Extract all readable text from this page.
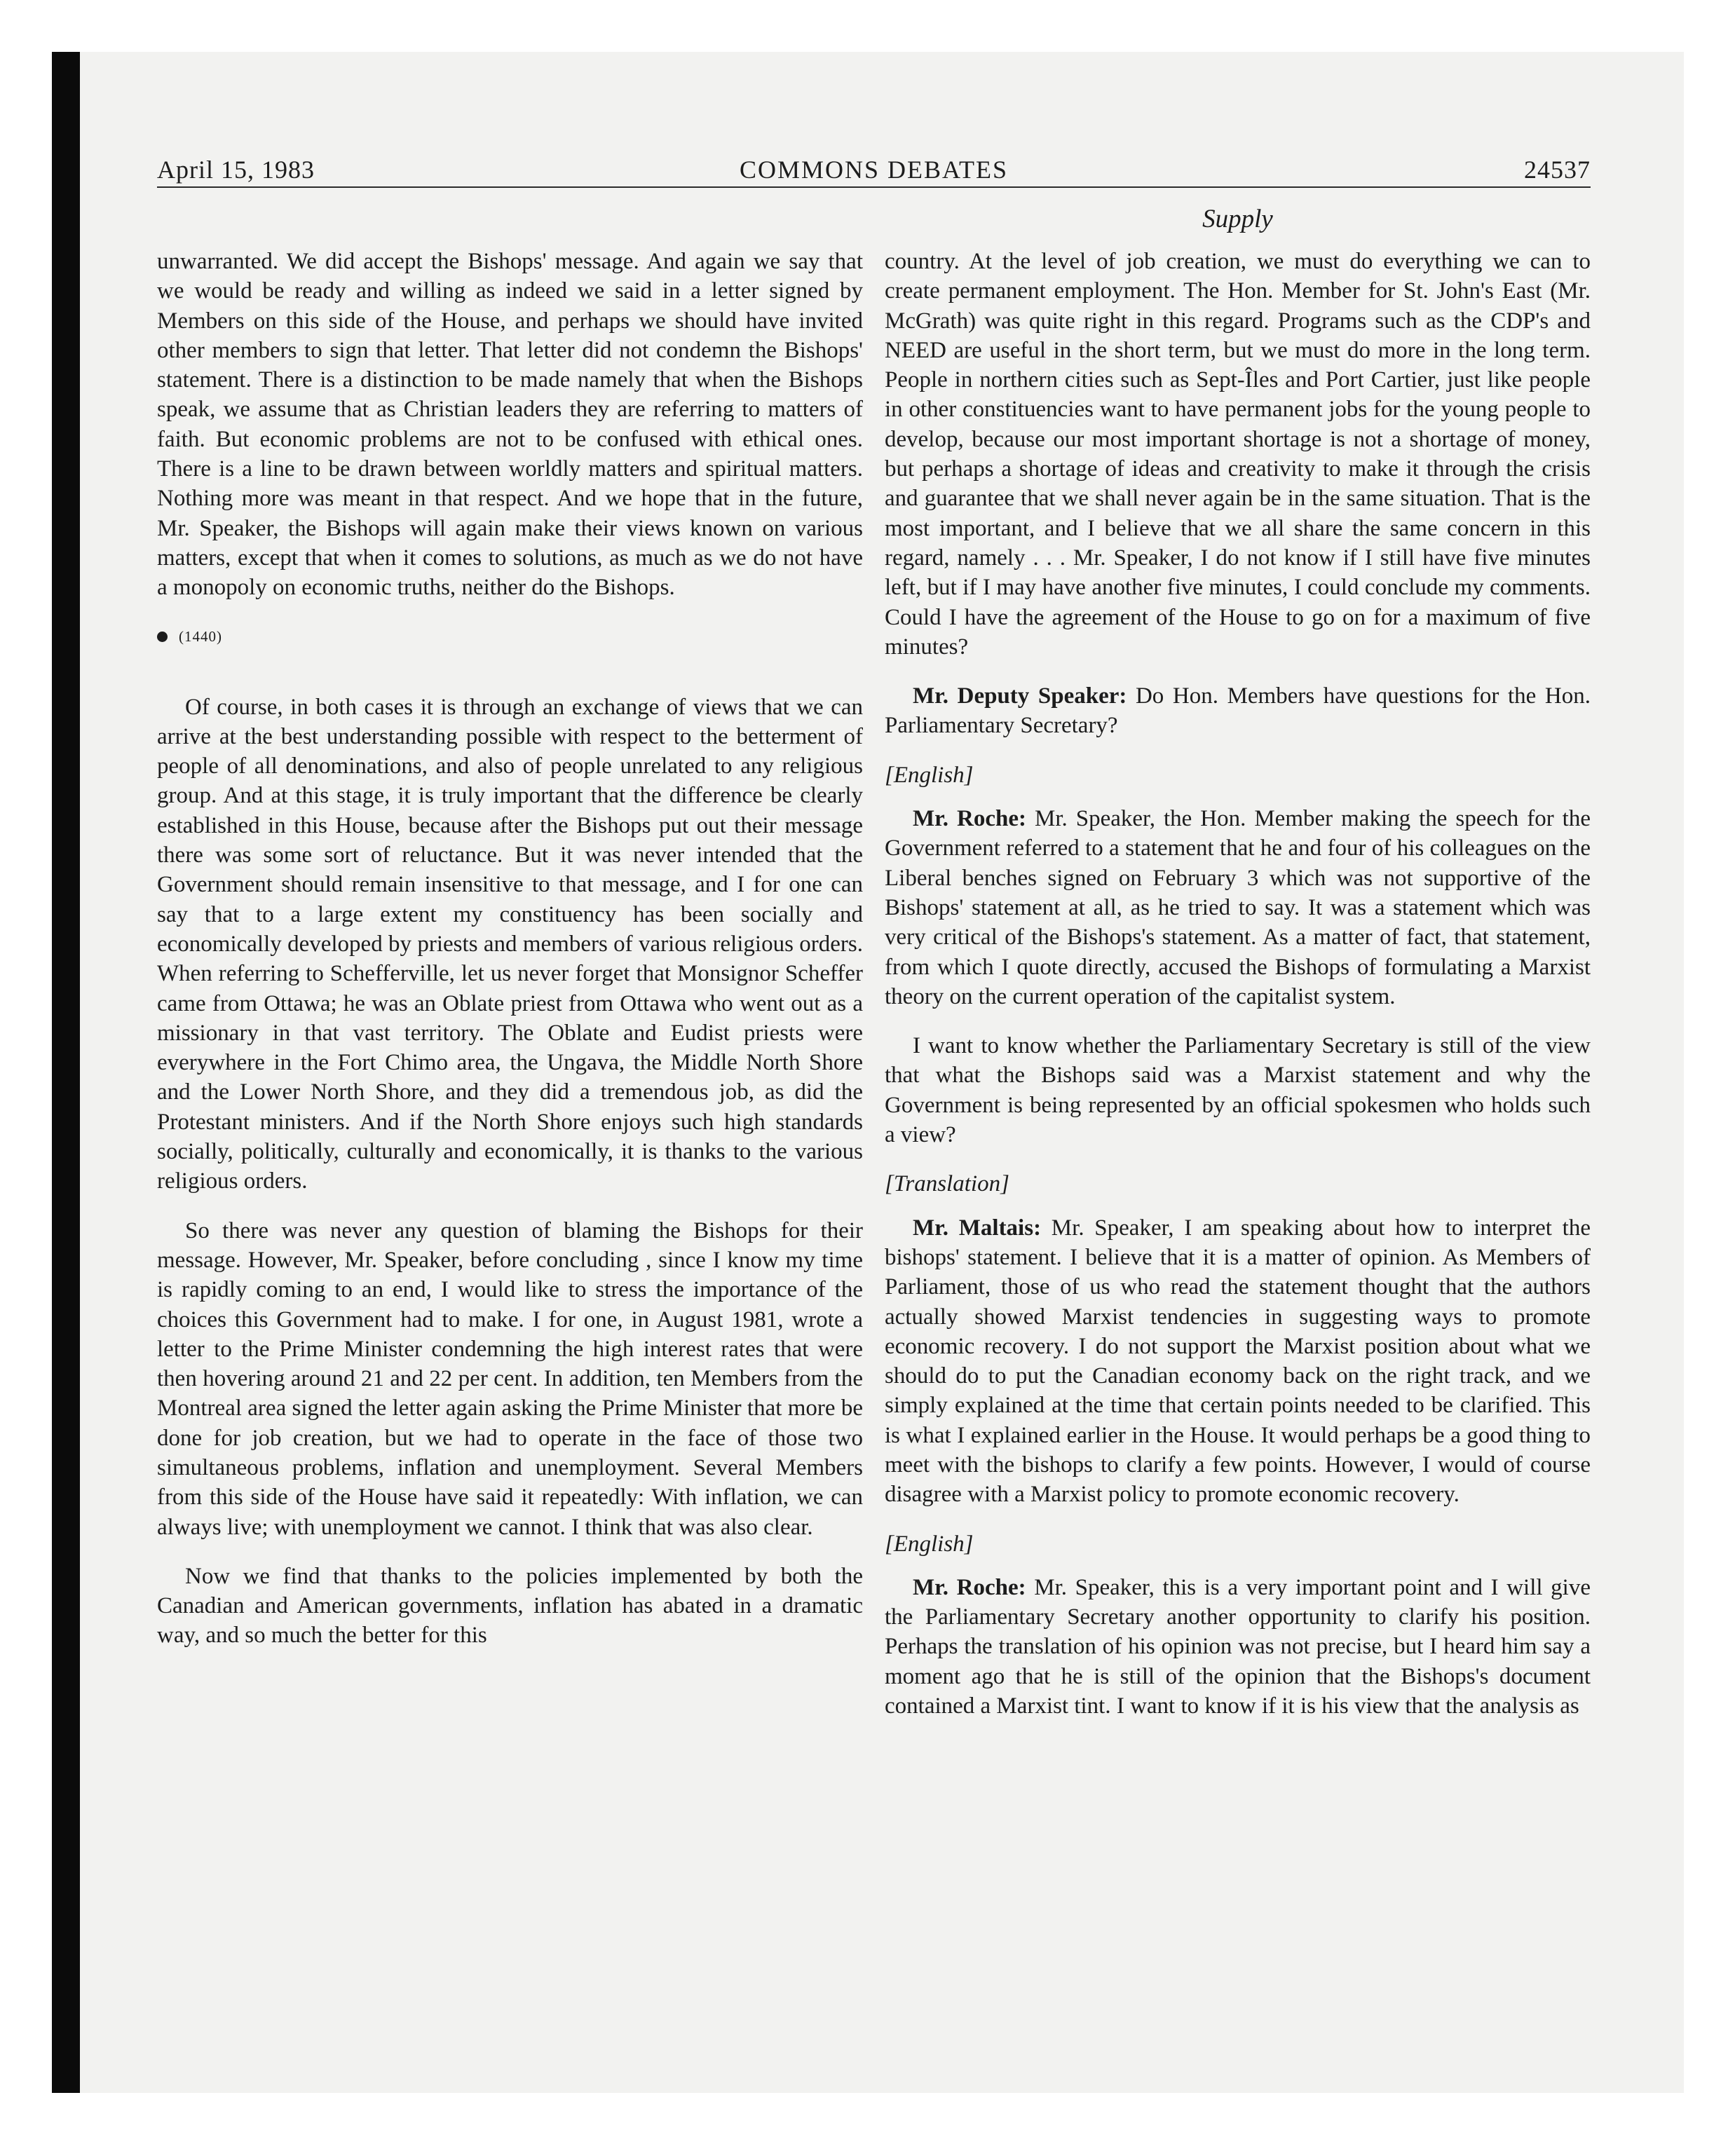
April 15, 1983	COMMONS DEBATES	24537
Supply

unwarranted. We did accept the Bishops' message. And again we say that we would be ready and willing as indeed we said in a letter signed by Members on this side of the House, and perhaps we should have invited other members to sign that letter. That letter did not condemn the Bishops' statement. There is a distinction to be made namely that when the Bishops speak, we assume that as Christian leaders they are referring to matters of faith. But economic problems are not to be confused with ethical ones. There is a line to be drawn between worldly matters and spiritual matters. Nothing more was meant in that respect. And we hope that in the future, Mr. Speaker, the Bishops will again make their views known on various matters, except that when it comes to solutions, as much as we do not have a monopoly on economic truths, neither do the Bishops.

(1440)

Of course, in both cases it is through an exchange of views that we can arrive at the best understanding possible with respect to the betterment of people of all denominations, and also of people unrelated to any religious group. And at this stage, it is truly important that the difference be clearly established in this House, because after the Bishops put out their message there was some sort of reluctance. But it was never intended that the Government should remain insensitive to that message, and I for one can say that to a large extent my constituency has been socially and economically developed by priests and members of various religious orders. When referring to Schefferville, let us never forget that Monsignor Scheffer came from Ottawa; he was an Oblate priest from Ottawa who went out as a missionary in that vast territory. The Oblate and Eudist priests were everywhere in the Fort Chimo area, the Ungava, the Middle North Shore and the Lower North Shore, and they did a tremendous job, as did the Protestant ministers. And if the North Shore enjoys such high standards socially, politically, culturally and economically, it is thanks to the various religious orders.

So there was never any question of blaming the Bishops for their message. However, Mr. Speaker, before concluding , since I know my time is rapidly coming to an end, I would like to stress the importance of the choices this Government had to make. I for one, in August 1981, wrote a letter to the Prime Minister condemning the high interest rates that were then hovering around 21 and 22 per cent. In addition, ten Members from the Montreal area signed the letter again asking the Prime Minister that more be done for job creation, but we had to operate in the face of those two simultaneous problems, inflation and unemployment. Several Members from this side of the House have said it repeatedly: With inflation, we can always live; with unemployment we cannot. I think that was also clear.

Now we find that thanks to the policies implemented by both the Canadian and American governments, inflation has abated in a dramatic way, and so much the better for this

country. At the level of job creation, we must do everything we can to create permanent employment. The Hon. Member for St. John's East (Mr. McGrath) was quite right in this regard. Programs such as the CDP's and NEED are useful in the short term, but we must do more in the long term. People in northern cities such as Sept-Îles and Port Cartier, just like people in other constituencies want to have permanent jobs for the young people to develop, because our most important shortage is not a shortage of money, but perhaps a shortage of ideas and creativity to make it through the crisis and guarantee that we shall never again be in the same situation. That is the most important, and I believe that we all share the same concern in this regard, namely . . . Mr. Speaker, I do not know if I still have five minutes left, but if I may have another five minutes, I could conclude my comments. Could I have the agreement of the House to go on for a maximum of five minutes?

Mr. Deputy Speaker: Do Hon. Members have questions for the Hon. Parliamentary Secretary?

[English]

Mr. Roche: Mr. Speaker, the Hon. Member making the speech for the Government referred to a statement that he and four of his colleagues on the Liberal benches signed on February 3 which was not supportive of the Bishops' statement at all, as he tried to say. It was a statement which was very critical of the Bishops's statement. As a matter of fact, that statement, from which I quote directly, accused the Bishops of formulating a Marxist theory on the current operation of the capitalist system.

I want to know whether the Parliamentary Secretary is still of the view that what the Bishops said was a Marxist statement and why the Government is being represented by an official spokesmen who holds such a view?

[Translation]

Mr. Maltais: Mr. Speaker, I am speaking about how to interpret the bishops' statement. I believe that it is a matter of opinion. As Members of Parliament, those of us who read the statement thought that the authors actually showed Marxist tendencies in suggesting ways to promote economic recovery. I do not support the Marxist position about what we should do to put the Canadian economy back on the right track, and we simply explained at the time that certain points needed to be clarified. This is what I explained earlier in the House. It would perhaps be a good thing to meet with the bishops to clarify a few points. However, I would of course disagree with a Marxist policy to promote economic recovery.

[English]

Mr. Roche: Mr. Speaker, this is a very important point and I will give the Parliamentary Secretary another opportunity to clarify his position. Perhaps the translation of his opinion was not precise, but I heard him say a moment ago that he is still of the opinion that the Bishops's document contained a Marxist tint. I want to know if it is his view that the analysis as
